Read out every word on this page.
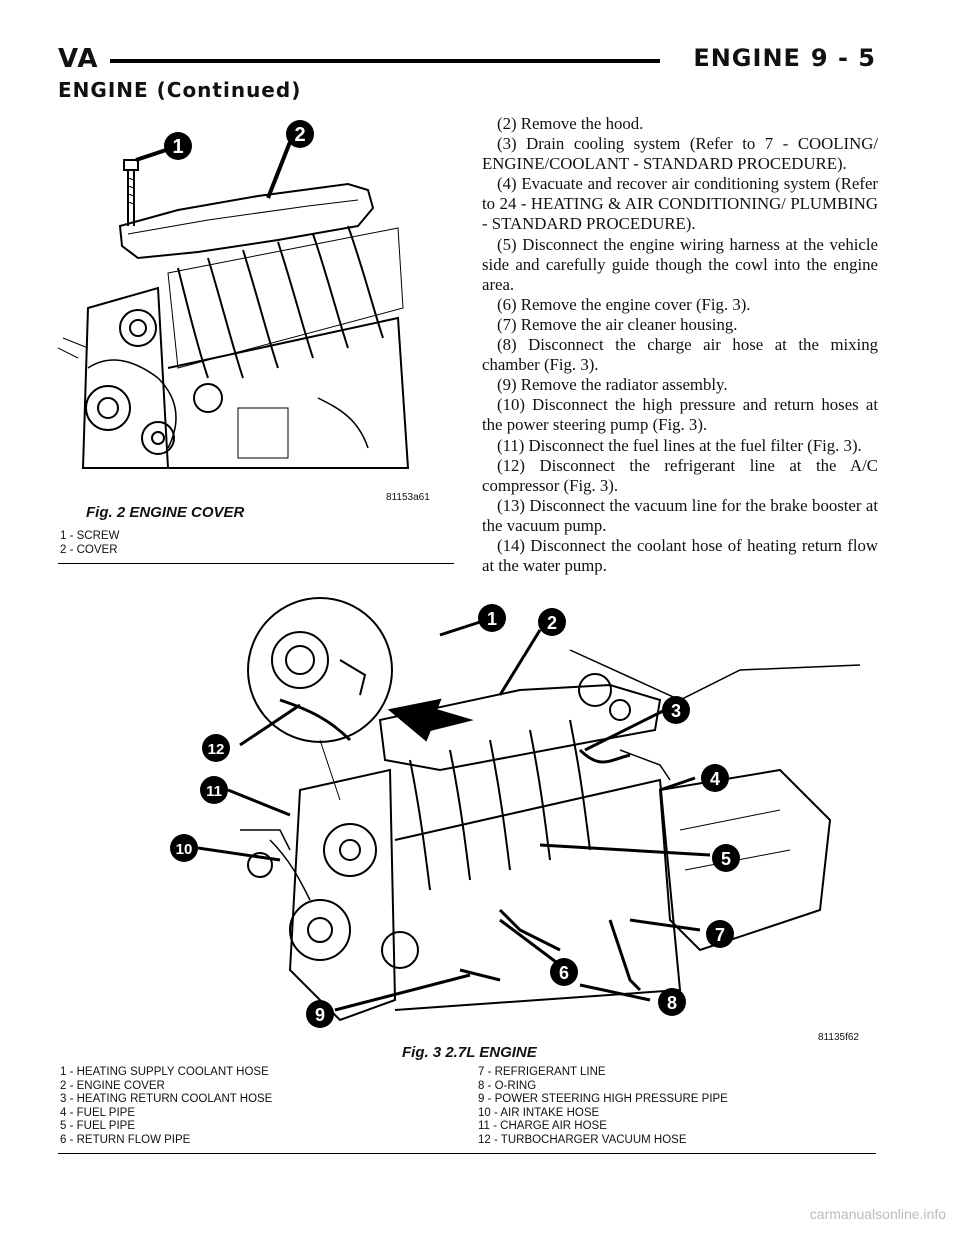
VA	ENGINE 9 - 5
ENGINE (Continued)
1
2
81153a61
Fig. 2 ENGINE COVER
1 - SCREW
2 - COVER

(2) Remove the hood.

(3) Drain cooling system (Refer to 7 - COOLING/ ENGINE/COOLANT - STANDARD PROCEDURE).

(4) Evacuate and recover air conditioning system (Refer to 24 - HEATING & AIR CONDITIONING/ PLUMBING - STANDARD PROCEDURE).

(5) Disconnect the engine wiring harness at the vehicle side and carefully guide though the cowl into the engine area.

(6) Remove the engine cover (Fig. 3).

(7) Remove the air cleaner housing.

(8) Disconnect the charge air hose at the mixing chamber (Fig. 3).

(9) Remove the radiator assembly.

(10) Disconnect the high pressure and return hoses at the power steering pump (Fig. 3).

(11) Disconnect the fuel lines at the fuel filter (Fig. 3).

(12) Disconnect the refrigerant line at the A/C compressor (Fig. 3).

(13) Disconnect the vacuum line for the brake booster at the vacuum pump.

(14) Disconnect the coolant hose of heating return flow at the water pump.

1	2
3
4
5
6
7
8
9
10
11
12
81135f62
Fig. 3 2.7L ENGINE
1 - HEATING SUPPLY COOLANT HOSE
2 - ENGINE COVER
3 - HEATING RETURN COOLANT HOSE
4 - FUEL PIPE
5 - FUEL PIPE
6 - RETURN FLOW PIPE
7 - REFRIGERANT LINE
8 - O-RING
9 - POWER STEERING HIGH PRESSURE PIPE
10 - AIR INTAKE HOSE
11 - CHARGE AIR HOSE
12 - TURBOCHARGER VACUUM HOSE
carmanualsonline.info
